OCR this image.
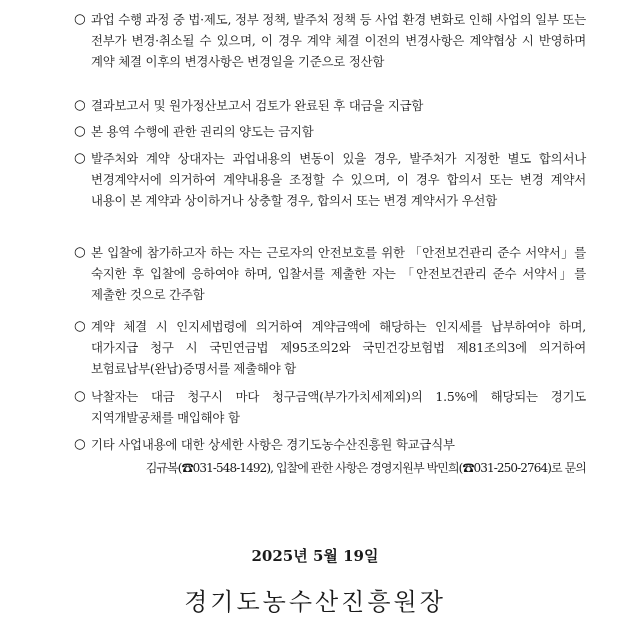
○ 과업 수행 과정 중 법·제도, 정부 정책, 발주처 정책 등 사업 환경 변화로 인해 사업의 일부 또는 전부가 변경·취소될 수 있으며, 이 경우 계약 체결 이전의 변경사항은 계약협상 시 반영하며 계약 체결 이후의 변경사항은 변경일을 기준으로 정산함
○ 결과보고서 및 원가정산보고서 검토가 완료된 후 대금을 지급함
○ 본 용역 수행에 관한 권리의 양도는 금지함
○ 발주처와 계약 상대자는 과업내용의 변동이 있을 경우, 발주처가 지정한 별도 합의서나 변경계약서에 의거하여 계약내용을 조정할 수 있으며, 이 경우 합의서 또는 변경 계약서 내용이 본 계약과 상이하거나 상충할 경우, 합의서 또는 변경 계약서가 우선함
○ 본 입찰에 참가하고자 하는 자는 근로자의 안전보호를 위한 「안전보건관리 준수 서약서」를 숙지한 후 입찰에 응하여야 하며, 입찰서를 제출한 자는 「안전보건관리 준수 서약서」를 제출한 것으로 간주함
○ 계약 체결 시 인지세법령에 의거하여 계약금액에 해당하는 인지세를 납부하여야 하며, 대가지급 청구 시 국민연금법 제95조의2와 국민건강보험법 제81조의3에 의거하여 보험료납부(완납)증명서를 제출해야 함
○ 낙찰자는 대금 청구시 마다 청구금액(부가가치세제외)의 1.5%에 해당되는 경기도 지역개발공채를 매입해야 함
○ 기타 사업내용에 대한 상세한 사항은 경기도농수산진흥원 학교급식부
김규복(☎031-548-1492), 입찰에 관한 사항은 경영지원부 박민희(☎031-250-2764)로 문의
2025년 5월 19일
경기도농수산진흥원장
